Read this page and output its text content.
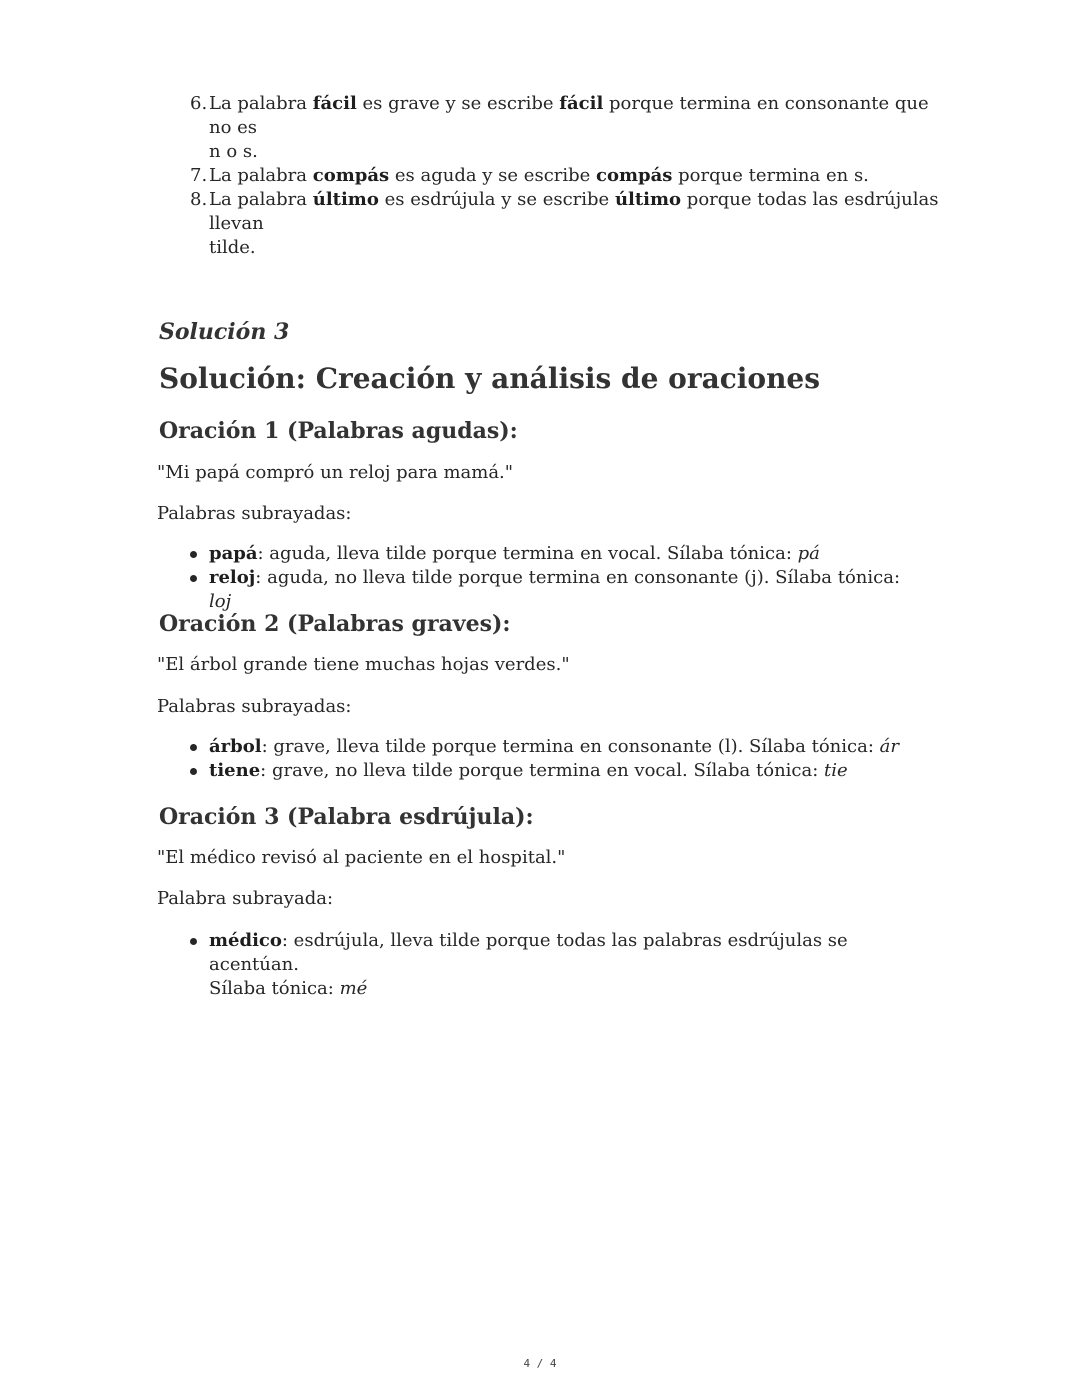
6. La palabra fácil es grave y se escribe fácil porque termina en consonante que no es
n o s.
7. La palabra compás es aguda y se escribe compás porque termina en s.
8. La palabra último es esdrújula y se escribe último porque todas las esdrújulas llevan
tilde.
Solución 3
Solución: Creación y análisis de oraciones
Oración 1 (Palabras agudas):
"Mi papá compró un reloj para mamá."
Palabras subrayadas:
papá: aguda, lleva tilde porque termina en vocal. Sílaba tónica: pá
reloj: aguda, no lleva tilde porque termina en consonante (j). Sílaba tónica: loj
Oración 2 (Palabras graves):
"El árbol grande tiene muchas hojas verdes."
Palabras subrayadas:
árbol: grave, lleva tilde porque termina en consonante (l). Sílaba tónica: ár
tiene: grave, no lleva tilde porque termina en vocal. Sílaba tónica: tie
Oración 3 (Palabra esdrújula):
"El médico revisó al paciente en el hospital."
Palabra subrayada:
médico: esdrújula, lleva tilde porque todas las palabras esdrújulas se acentúan.
Sílaba tónica: mé
4 / 4
